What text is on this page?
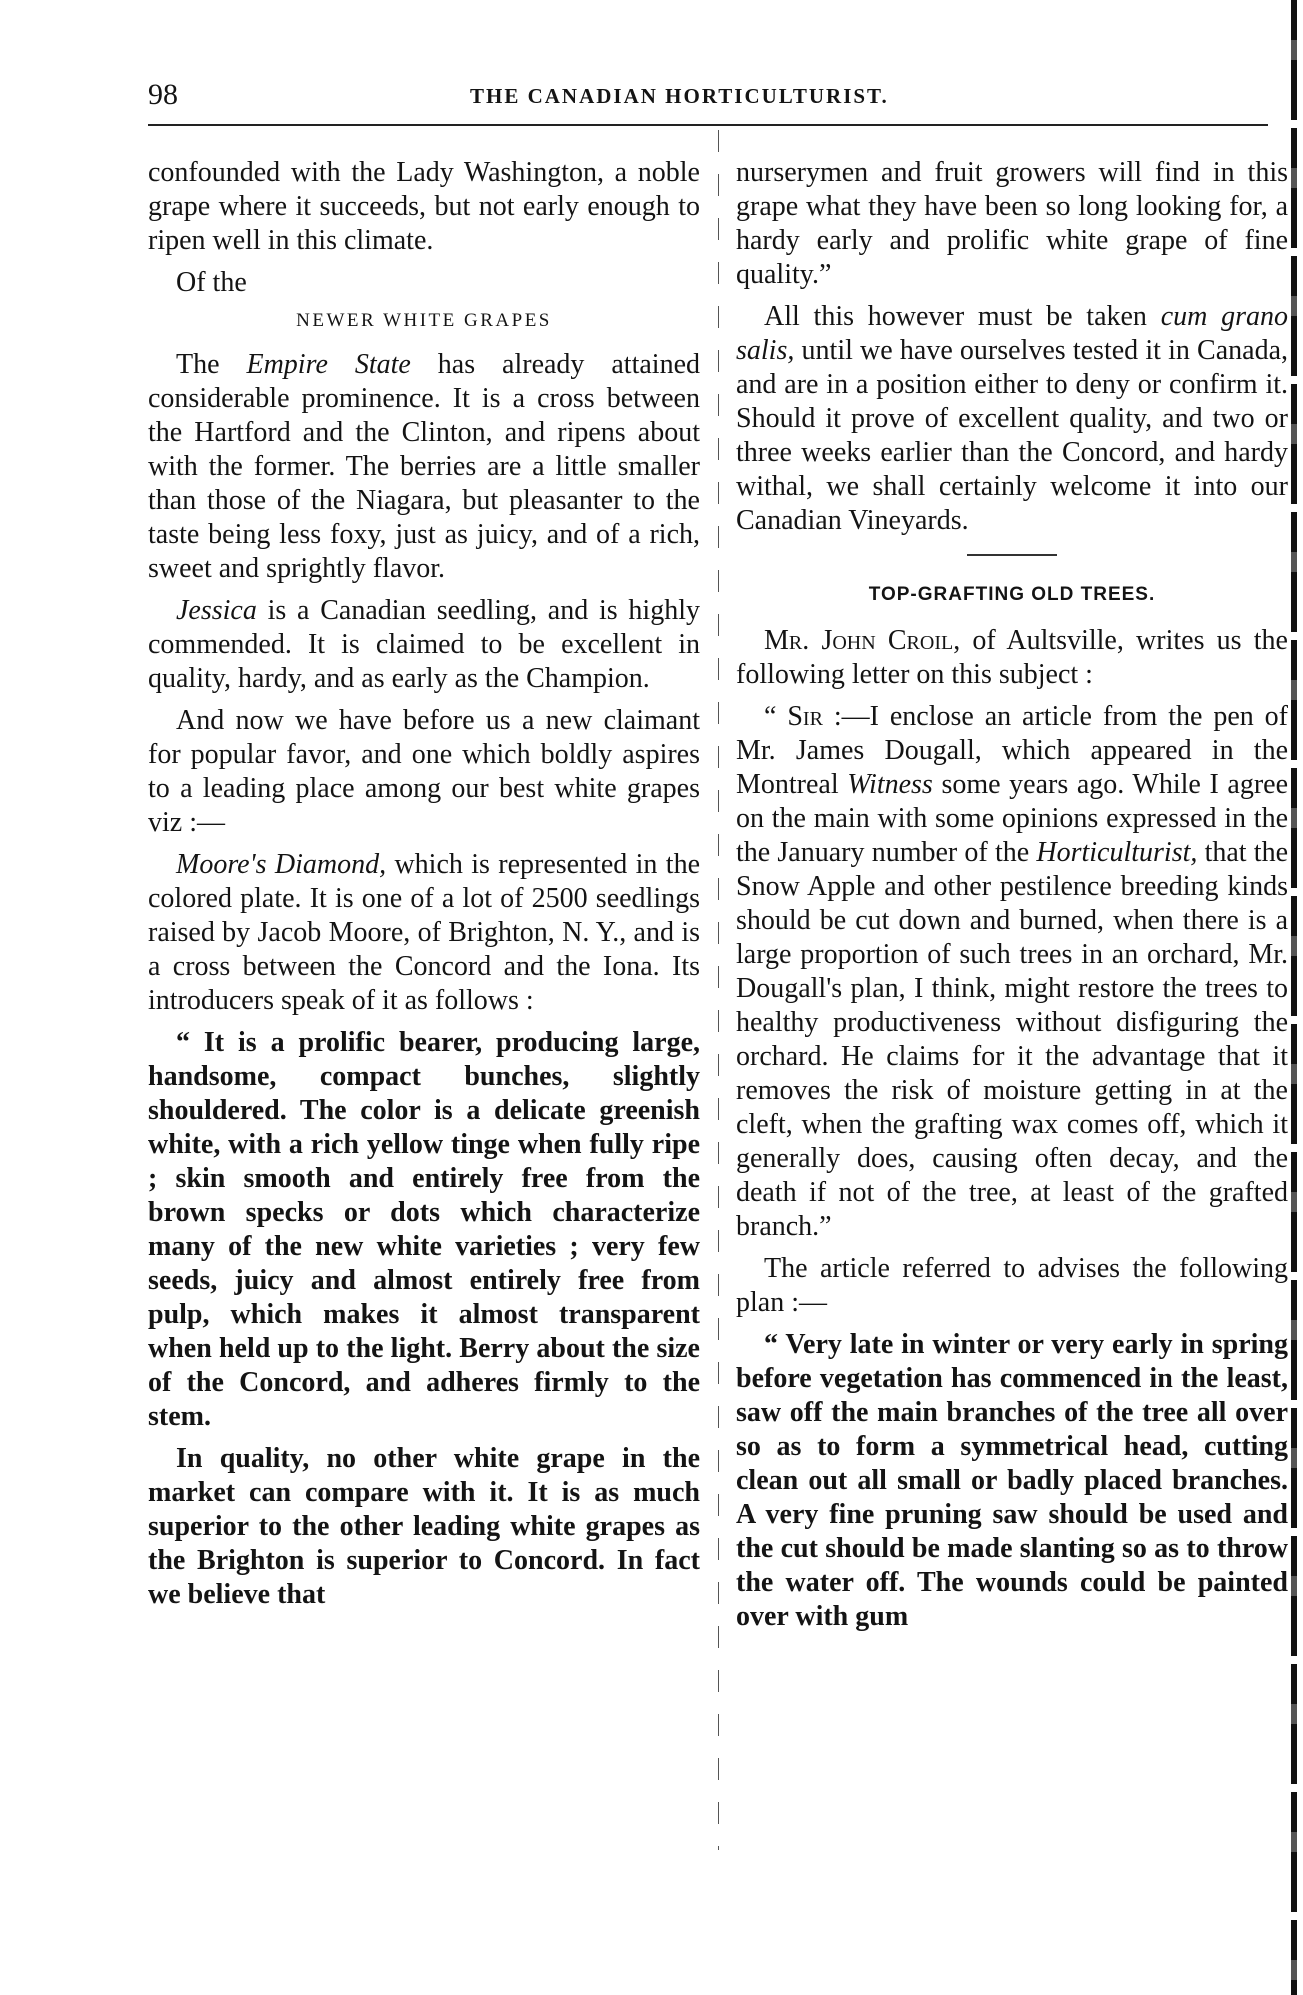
98	THE CANADIAN HORTICULTURIST.

confounded with the Lady Washington, a noble grape where it succeeds, but not early enough to ripen well in this climate.

Of the

NEWER WHITE GRAPES

The Empire State has already attained considerable prominence. It is a cross between the Hartford and the Clinton, and ripens about with the former. The berries are a little smaller than those of the Niagara, but pleasanter to the taste being less foxy, just as juicy, and of a rich, sweet and sprightly flavor.

Jessica is a Canadian seedling, and is highly commended. It is claimed to be excellent in quality, hardy, and as early as the Champion.

And now we have before us a new claimant for popular favor, and one which boldly aspires to a leading place among our best white grapes viz :—

Moore's Diamond, which is represented in the colored plate. It is one of a lot of 2500 seedlings raised by Jacob Moore, of Brighton, N. Y., and is a cross between the Concord and the Iona. Its introducers speak of it as follows :

“ It is a prolific bearer, producing large, handsome, compact bunches, slightly shouldered. The color is a delicate greenish white, with a rich yellow tinge when fully ripe ; skin smooth and entirely free from the brown specks or dots which characterize many of the new white varieties ; very few seeds, juicy and almost entirely free from pulp, which makes it almost transparent when held up to the light. Berry about the size of the Concord, and adheres firmly to the stem.

In quality, no other white grape in the market can compare with it. It is as much superior to the other leading white grapes as the Brighton is superior to Concord. In fact we believe that

nurserymen and fruit growers will find in this grape what they have been so long looking for, a hardy early and prolific white grape of fine quality.”

All this however must be taken cum grano salis, until we have ourselves tested it in Canada, and are in a position either to deny or confirm it. Should it prove of excellent quality, and two or three weeks earlier than the Concord, and hardy withal, we shall certainly welcome it into our Canadian Vineyards.

TOP-GRAFTING OLD TREES.

Mr. John Croil, of Aultsville, writes us the following letter on this subject :

“ Sir :—I enclose an article from the pen of Mr. James Dougall, which appeared in the Montreal Witness some years ago. While I agree on the main with some opinions expressed in the the January number of the Horticulturist, that the Snow Apple and other pestilence breeding kinds should be cut down and burned, when there is a large proportion of such trees in an orchard, Mr. Dougall's plan, I think, might restore the trees to healthy productiveness without disfiguring the orchard. He claims for it the advantage that it removes the risk of moisture getting in at the cleft, when the grafting wax comes off, which it generally does, causing often decay, and the death if not of the tree, at least of the grafted branch.”

The article referred to advises the following plan :—

“ Very late in winter or very early in spring before vegetation has commenced in the least, saw off the main branches of the tree all over so as to form a symmetrical head, cutting clean out all small or badly placed branches. A very fine pruning saw should be used and the cut should be made slanting so as to throw the water off. The wounds could be painted over with gum
